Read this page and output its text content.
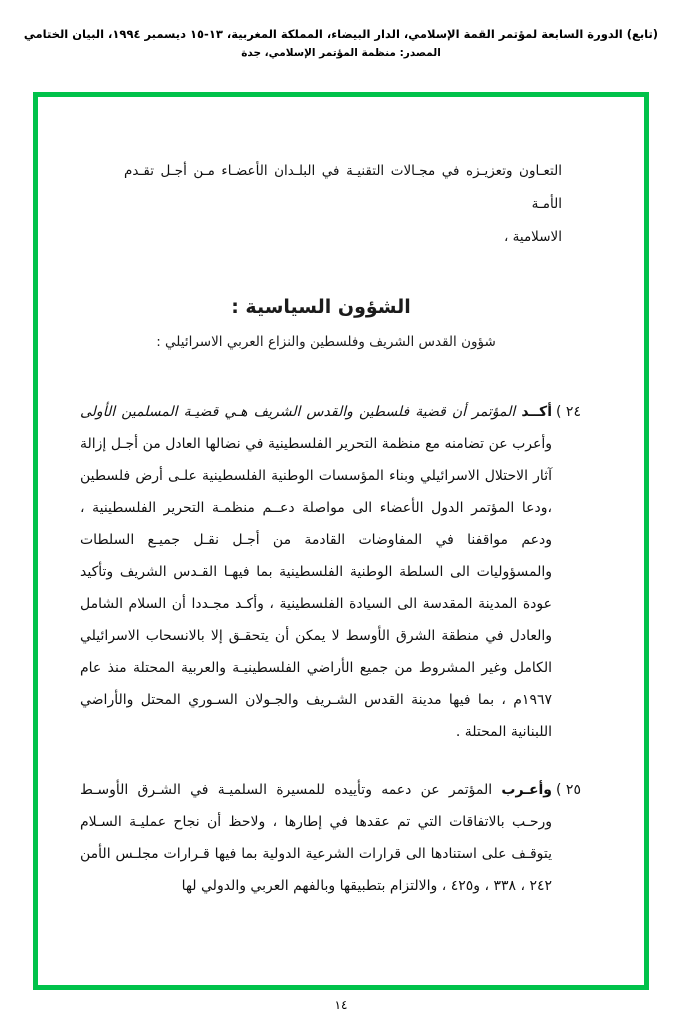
(تابع) الدورة السابعة لمؤتمر القمة الإسلامي، الدار البيضاء، المملكة المغربية، ١٣-١٥ ديسمبر ١٩٩٤، البيان الختامي
المصدر: منظمة المؤتمر الإسلامي، جدة

التعـاون وتعزيـزه في مجـالات التقنيـة في البلـدان الأعضـاء مـن أجـل تقـدم الأمـة
الاسلامية ،

الشؤون السياسية :
شؤون القدس الشريف وفلسطين والنزاع العربي الاسرائيلي :
٢٤ )
أكــد المؤتمر أن قضية فلسطين والقدس الشريف هـي قضيـة المسلمين الأولى وأعرب عن تضامنه مع منظمة التحرير الفلسطينية في نضالها العادل من أجـل إزالة آثار الاحتلال الاسرائيلي وبناء المؤسسات الوطنية الفلسطينية علـى أرض فلسطين ،ودعا المؤتمر الدول الأعضاء الى مواصلة دعــم منظمـة التحرير الفلسطينية ، ودعم مواقفنا في المفاوضات القادمة من أجـل نقـل جميـع السلطات والمسؤوليات الى السلطة الوطنية الفلسطينية بما فيهـا القـدس الشريف وتأكيد عودة المدينة المقدسة الى السيادة الفلسطينية ، وأكـد مجـددا أن السلام الشامل والعادل في منطقة الشرق الأوسط لا يمكن أن يتحقـق إلا بالانسحاب الاسرائيلي الكامل وغير المشروط من جميع الأراضي الفلسطينيـة والعربية المحتلة منذ عام ١٩٦٧م ، بما فيها مدينة القدس الشـريف والجـولان السـوري المحتل والأراضي اللبنانية المحتلة .
٢٥ )
وأعـرب المؤتمر عن دعمه وتأييده للمسيرة السلميـة في الشـرق الأوسـط ورحـب بالاتفاقات التي تم عقدها في إطارها ، ولاحظ أن نجاح عمليـة السـلام يتوقـف على استنادها الى قرارات الشرعية الدولية بما فيها قـرارات مجلـس الأمن ٢٤٢ ، ٣٣٨ ، و٤٢٥ ، والالتزام بتطبيقها وبالفهم العربي والدولي لها
١٤
